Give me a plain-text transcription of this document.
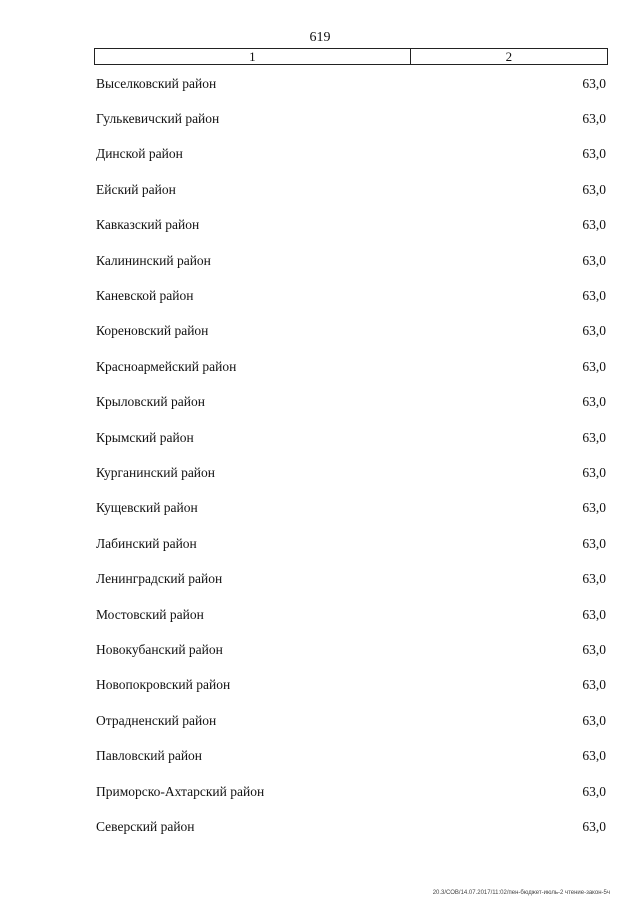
619
1	2
Выселковский район	63,0
Гулькевичский район	63,0
Динской район	63,0
Ейский район	63,0
Кавказский район	63,0
Калининский район	63,0
Каневской район	63,0
Кореновский район	63,0
Красноармейский район	63,0
Крыловский район	63,0
Крымский район	63,0
Курганинский район	63,0
Кущевский район	63,0
Лабинский район	63,0
Ленинградский район	63,0
Мостовский район	63,0
Новокубанский район	63,0
Новопокровский район	63,0
Отрадненский район	63,0
Павловский район	63,0
Приморско-Ахтарский район	63,0
Северский район	63,0
20.3/СОВ/14.07.2017/11:02/пен-бюджет-июль-2 чтение-закон-5ч
